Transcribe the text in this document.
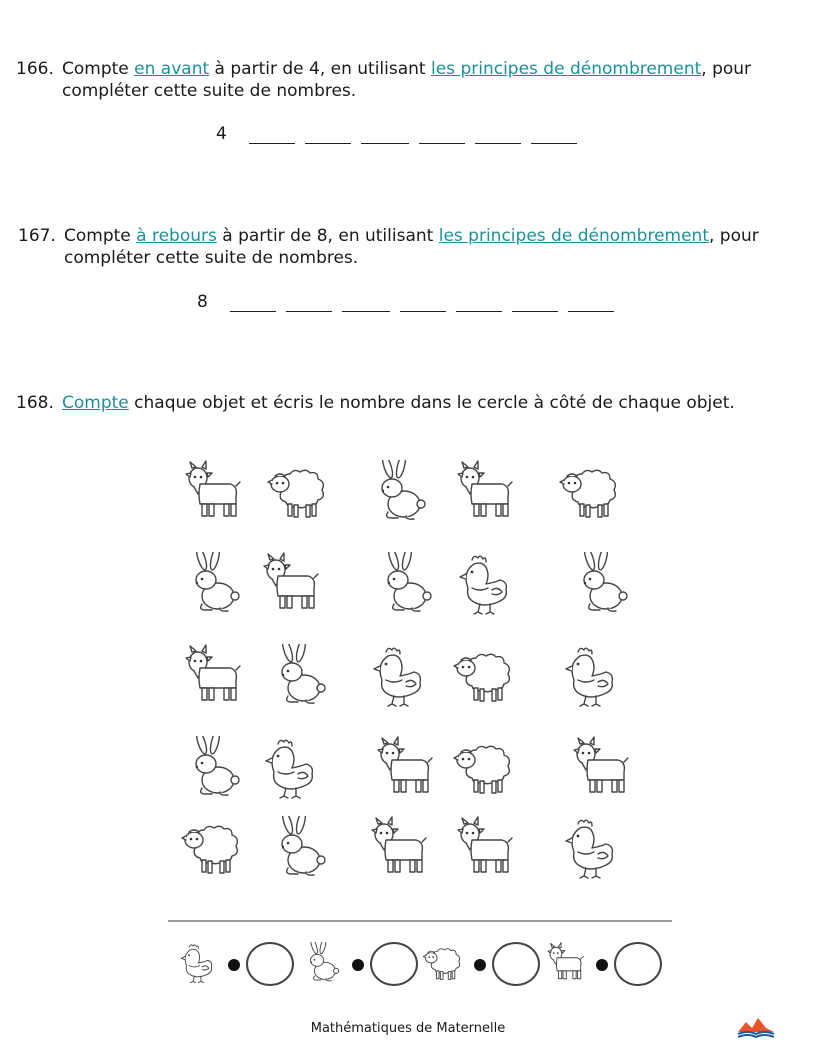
166. Compte en avant à partir de 4, en utilisant les principes de dénombrement, pour compléter cette suite de nombres.
4
167. Compte à rebours à partir de 8, en utilisant les principes de dénombrement, pour compléter cette suite de nombres.
8
168. Compte chaque objet et écris le nombre dans le cercle à côté de chaque objet.
Mathématiques de Maternelle
